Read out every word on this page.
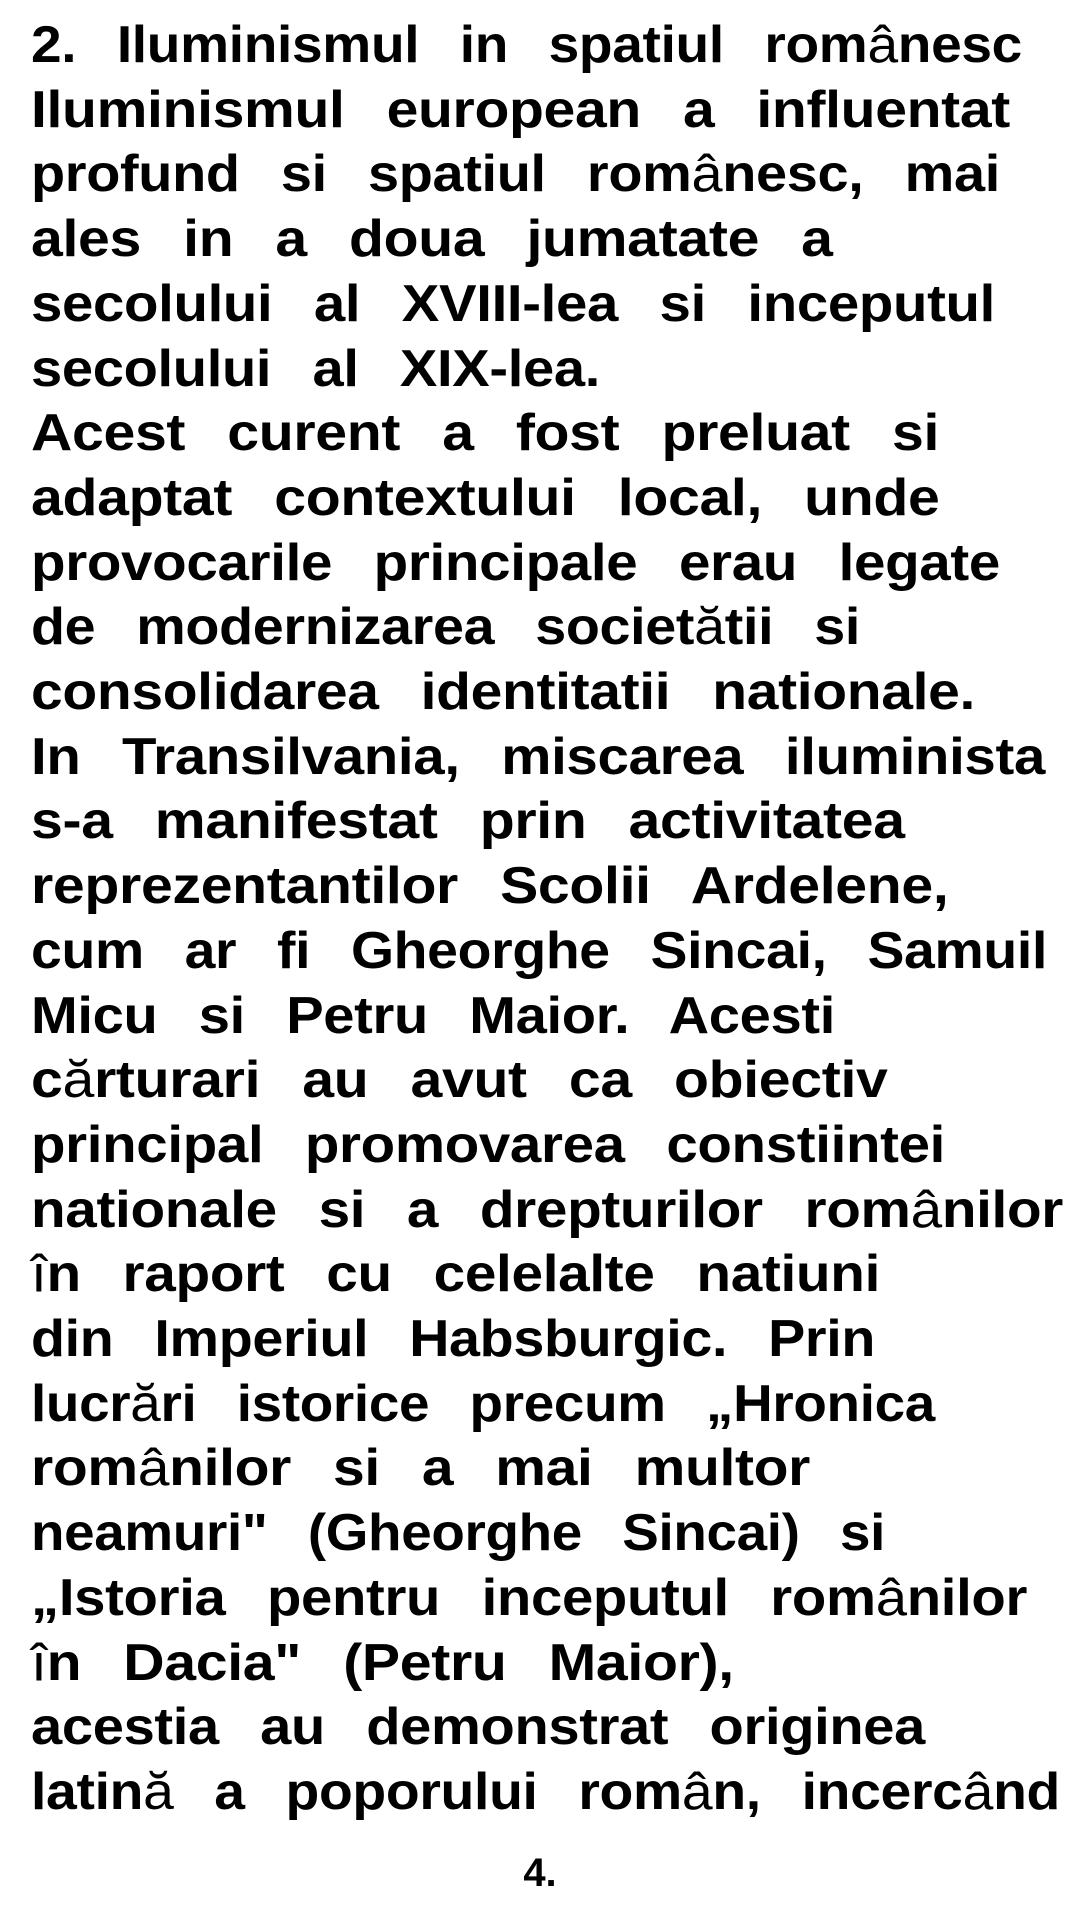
2.  Iluminismul  in  spatiul  românesc
Iluminismul  european  a  influentat
profund  si  spatiul  românesc,  mai
ales  in  a  doua  jumatate  a
secolului  al  XVIII-lea  si  inceputul
secolului  al  XIX-lea.
Acest  curent  a  fost  preluat  si
adaptat  contextului  local,  unde
provocarile  principale  erau  legate
de  modernizarea  societătii  si
consolidarea  identitatii  nationale.
In  Transilvania,  miscarea  iluminista
s-a  manifestat  prin  activitatea
reprezentantilor  Scolii  Ardelene,
cum  ar  fi  Gheorghe  Sincai,  Samuil
Micu  si  Petru  Maior.  Acesti
cărturari  au  avut  ca  obiectiv
principal  promovarea  constiintei
nationale  si  a  drepturilor  românilor
în  raport  cu  celelalte  natiuni
din  Imperiul  Habsburgic.  Prin
lucrări  istorice  precum  „Hronica
românilor  si  a  mai  multor
neamuri"  (Gheorghe  Sincai)  si
„Istoria  pentru  inceputul  românilor
în  Dacia"  (Petru  Maior),
acestia  au  demonstrat  originea
latină  a  poporului  român,  incercând
4.
